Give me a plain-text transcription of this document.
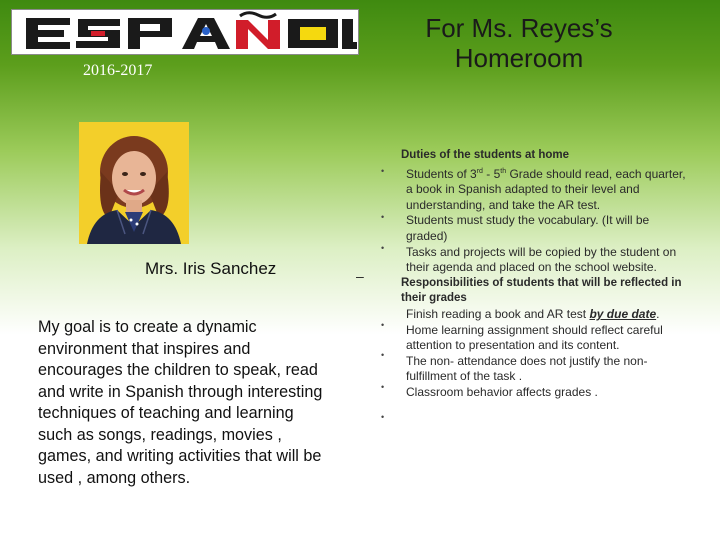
For Ms. Reyes’s Homeroom
2016-2017
Mrs. Iris Sanchez
My goal is to create a dynamic environment that inspires and encourages the children to speak, read and write in Spanish through interesting techniques of teaching and learning such as songs, readings, movies , games, and writing activities that will be used , among others.
–
•
•
•
•
•
•
•
Duties of the students at home
Students of 3rd - 5th Grade should read, each quarter, a book in Spanish adapted to their level and understanding, and take the AR test.
Students must study the vocabulary. (It will be graded)
Tasks and projects will be copied by the student on their agenda and placed on the school website.
Responsibilities of students that will be reflected in their grades
Finish reading a book and AR test by due date.
Home learning assignment should reflect careful attention to presentation and its content.
The non- attendance does not justify the non-fulfillment of the task .
Classroom behavior affects grades .
